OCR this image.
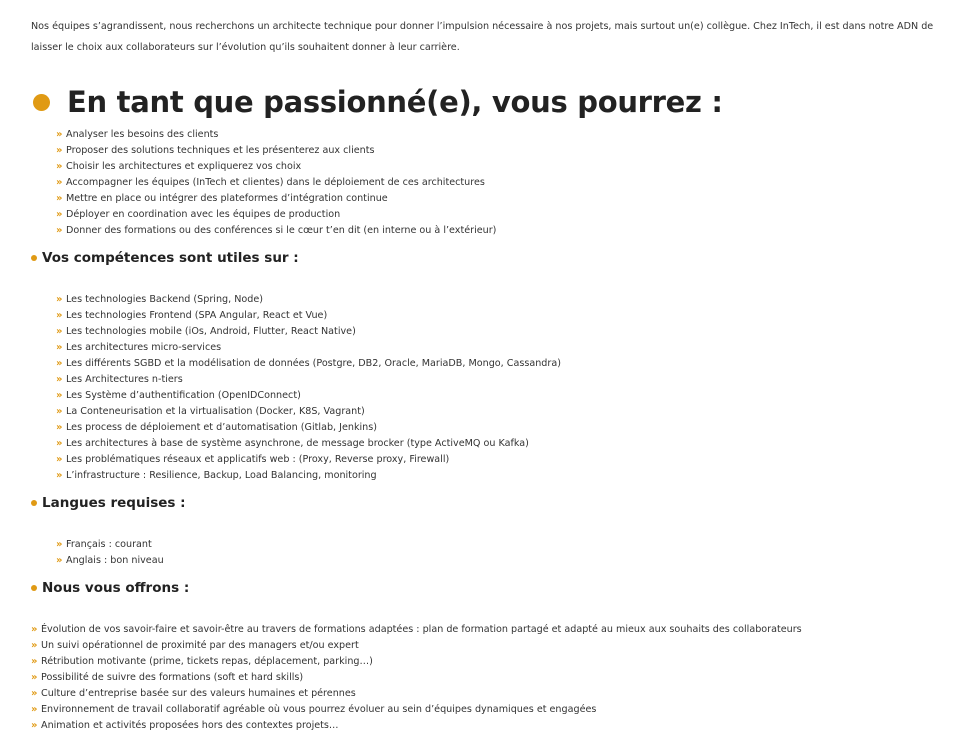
Nos équipes s’agrandissent, nous recherchons un architecte technique pour donner l’impulsion nécessaire à nos projets, mais surtout un(e) collègue. Chez InTech, il est dans notre ADN de laisser le choix aux collaborateurs sur l’évolution qu’ils souhaitent donner à leur carrière.

En tant que passionné(e), vous pourrez :
» Analyser les besoins des clients
» Proposer des solutions techniques et les présenterez aux clients
» Choisir les architectures et expliquerez vos choix
» Accompagner les équipes (InTech et clientes) dans le déploiement de ces architectures
» Mettre en place ou intégrer des plateformes d’intégration continue
» Déployer en coordination avec les équipes de production
» Donner des formations ou des conférences si le cœur t’en dit (en interne ou à l’extérieur)
Vos compétences sont utiles sur :
» Les technologies Backend (Spring, Node)
» Les technologies Frontend (SPA Angular, React et Vue)
» Les technologies mobile (iOs, Android, Flutter, React Native)
» Les architectures micro-services
» Les différents SGBD et la modélisation de données (Postgre, DB2, Oracle, MariaDB, Mongo, Cassandra)
» Les Architectures n-tiers
» Les Système d’authentification (OpenIDConnect)
» La Conteneurisation et la virtualisation (Docker, K8S, Vagrant)
» Les process de déploiement et d’automatisation (Gitlab, Jenkins)
» Les architectures à base de système asynchrone, de message brocker (type ActiveMQ ou Kafka)
» Les problématiques réseaux et applicatifs web : (Proxy, Reverse proxy, Firewall)
» L’infrastructure : Resilience, Backup, Load Balancing, monitoring
Langues requises :
» Français : courant
» Anglais : bon niveau
Nous vous offrons :
» Évolution de vos savoir-faire et savoir-être au travers de formations adaptées : plan de formation partagé et adapté au mieux aux souhaits des collaborateurs
» Un suivi opérationnel de proximité par des managers et/ou expert
» Rétribution motivante (prime, tickets repas, déplacement, parking…)
» Possibilité de suivre des formations (soft et hard skills)
» Culture d’entreprise basée sur des valeurs humaines et pérennes
» Environnement de travail collaboratif agréable où vous pourrez évoluer au sein d’équipes dynamiques et engagées
» Animation et activités proposées hors des contextes projets…
